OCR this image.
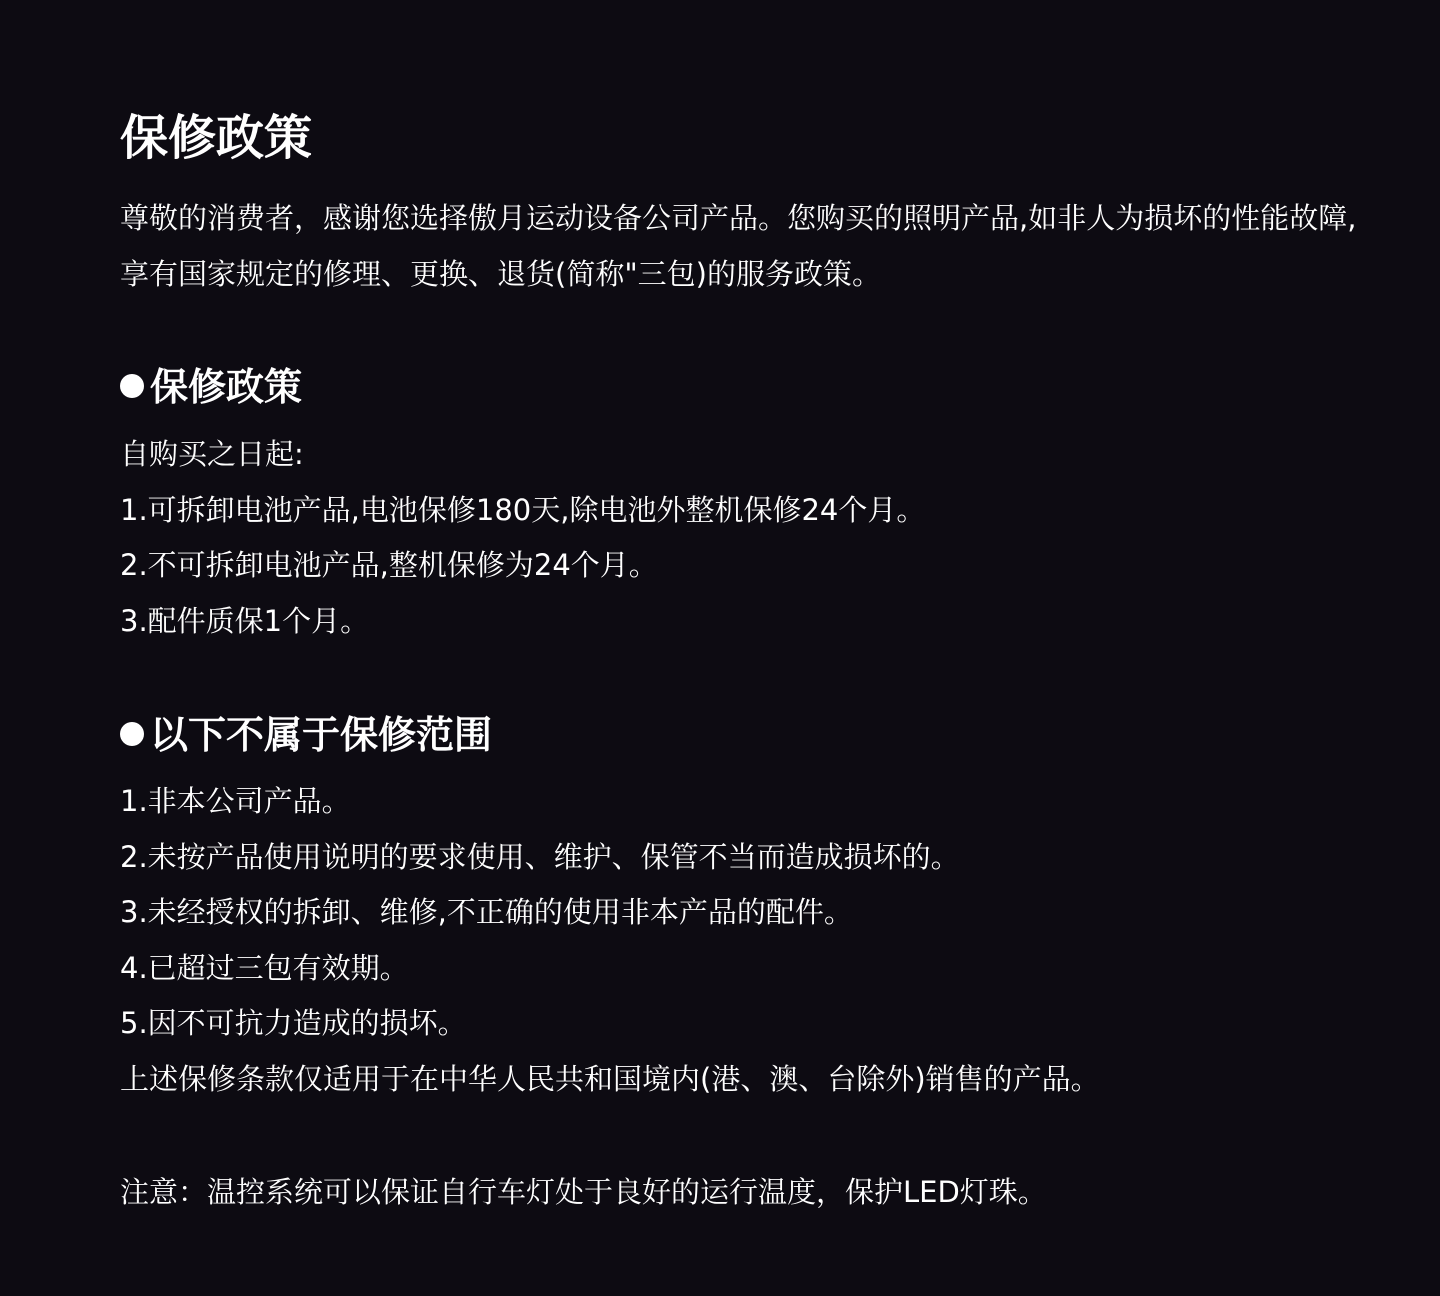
保修政策

尊敬的消费者，感谢您选择傲月运动设备公司产品。您购买的照明产品,如非人为损坏的性能故障,享有国家规定的修理、更换、退货(简称"三包)的服务政策。

保修政策
自购买之日起:
1.可拆卸电池产品,电池保修180天,除电池外整机保修24个月。
2.不可拆卸电池产品,整机保修为24个月。
3.配件质保1个月。
以下不属于保修范围
1.非本公司产品。
2.未按产品使用说明的要求使用、维护、保管不当而造成损坏的。
3.未经授权的拆卸、维修,不正确的使用非本产品的配件。
4.已超过三包有效期。
5.因不可抗力造成的损坏。
上述保修条款仅适用于在中华人民共和国境内(港、澳、台除外)销售的产品。

注意：温控系统可以保证自行车灯处于良好的运行温度，保护LED灯珠。
